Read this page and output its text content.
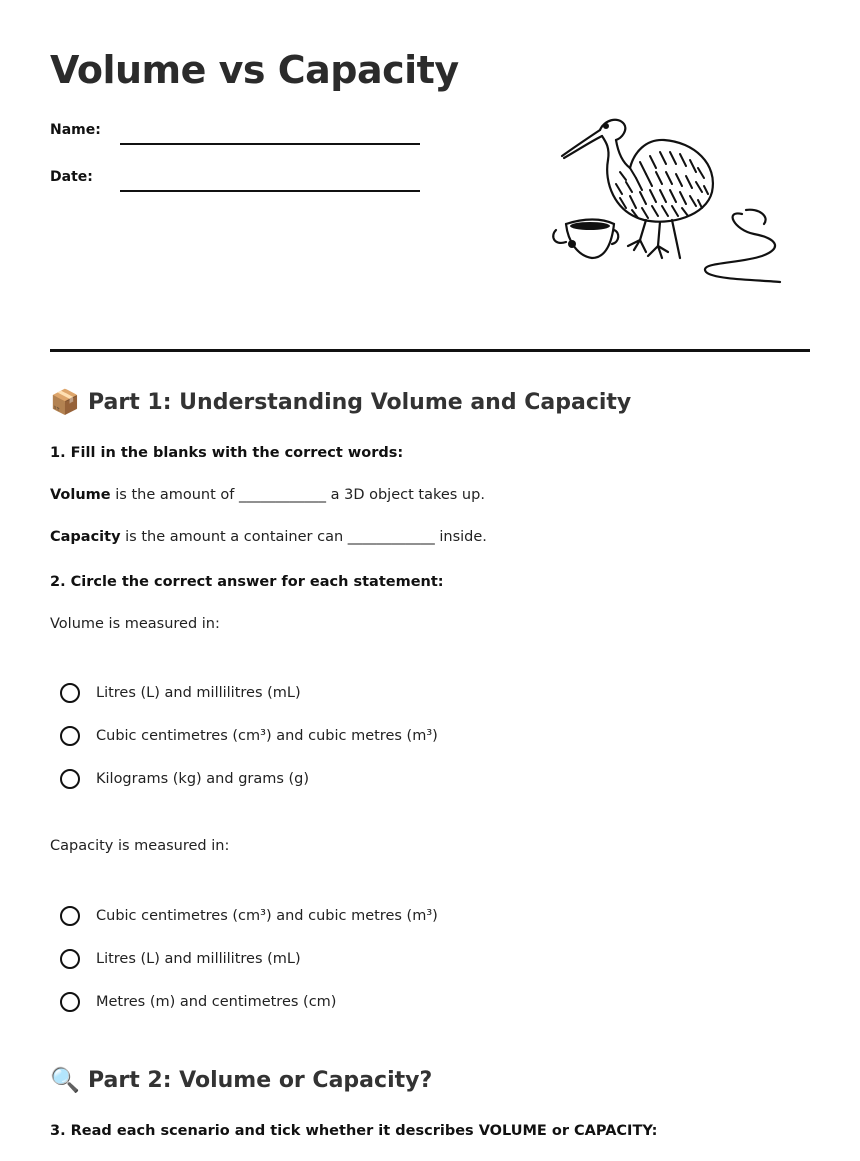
Volume vs Capacity
Name:
Date:
📦 Part 1: Understanding Volume and Capacity
1. Fill in the blanks with the correct words:
Volume is the amount of ____________ a 3D object takes up.
Capacity is the amount a container can ____________ inside.
2. Circle the correct answer for each statement:
Volume is measured in:
Litres (L) and millilitres (mL)
Cubic centimetres (cm³) and cubic metres (m³)
Kilograms (kg) and grams (g)
Capacity is measured in:
Cubic centimetres (cm³) and cubic metres (m³)
Litres (L) and millilitres (mL)
Metres (m) and centimetres (cm)
🔍 Part 2: Volume or Capacity?
3. Read each scenario and tick whether it describes VOLUME or CAPACITY:
